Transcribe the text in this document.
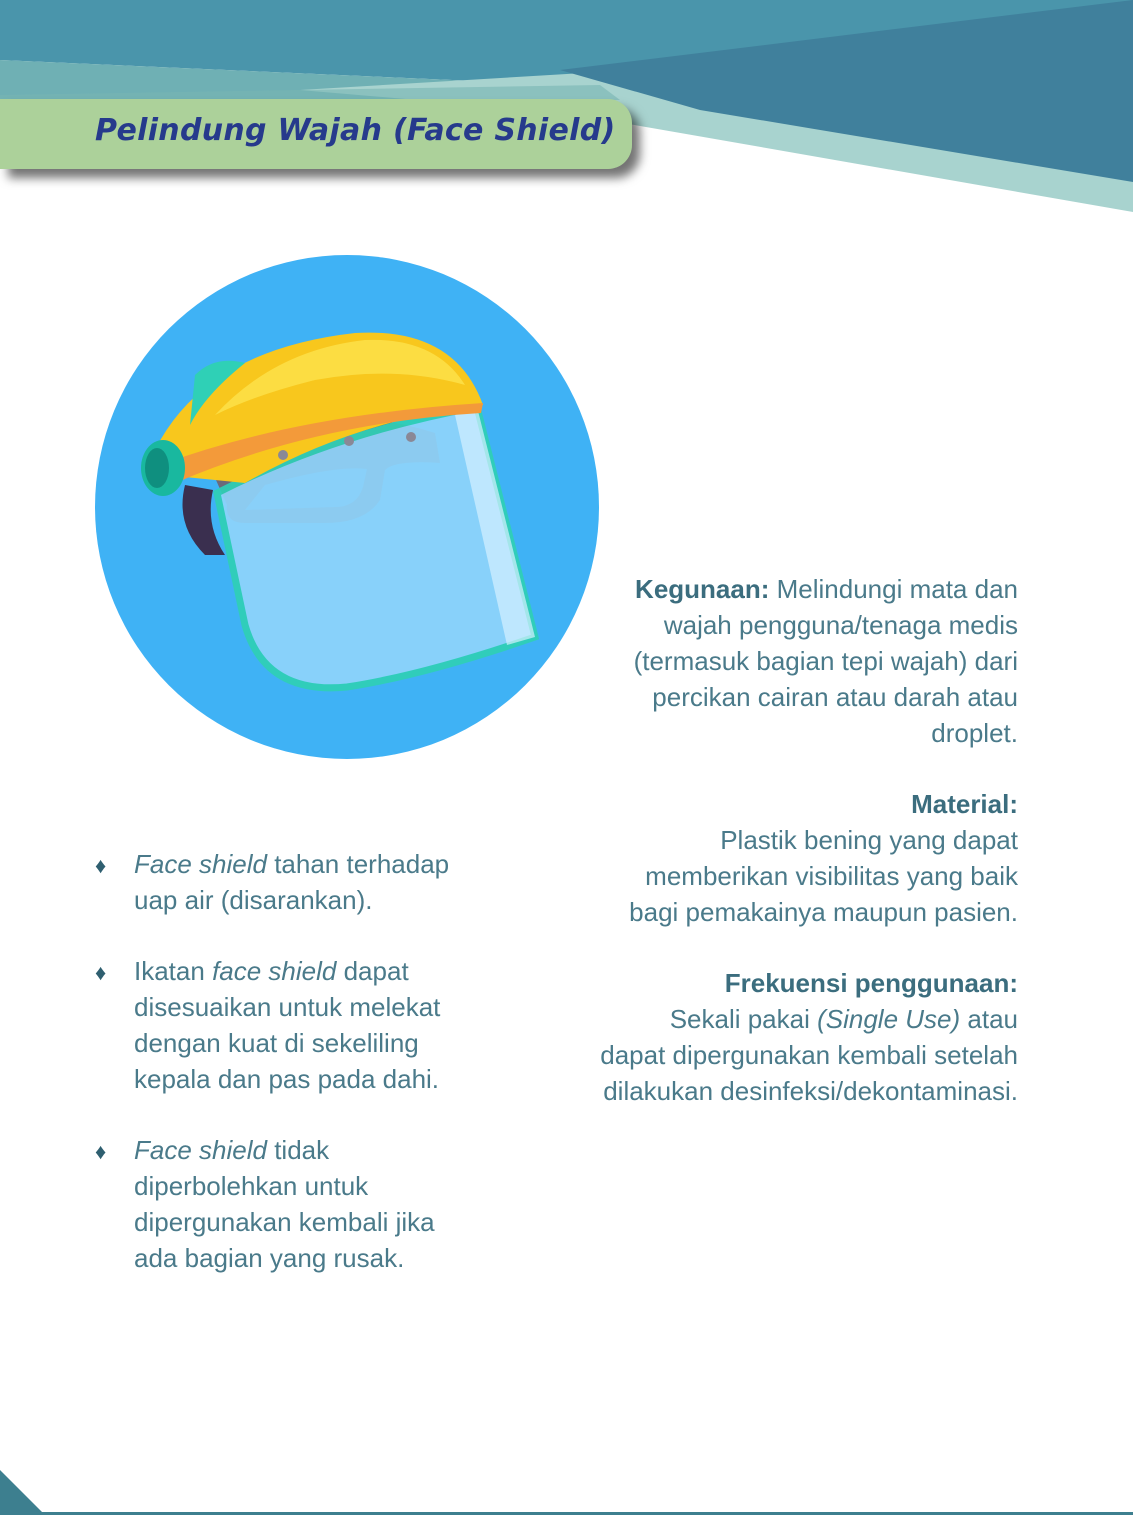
Pelindung Wajah (Face Shield)

Kegunaan: Melindungi mata dan wajah pengguna/tenaga medis (termasuk bagian tepi wajah) dari percikan cairan atau darah atau droplet.

Material:
Plastik bening yang dapat memberikan visibilitas yang baik bagi pemakainya maupun pasien.

Frekuensi penggunaan:
Sekali pakai (Single Use) atau dapat dipergunakan kembali setelah dilakukan desinfeksi/dekontaminasi.

♦ Face shield tahan terhadap uap air (disarankan).
♦ Ikatan face shield dapat disesuaikan untuk melekat dengan kuat di sekeliling kepala dan pas pada dahi.
♦ Face shield tidak diperbolehkan untuk dipergunakan kembali jika ada bagian yang rusak.
